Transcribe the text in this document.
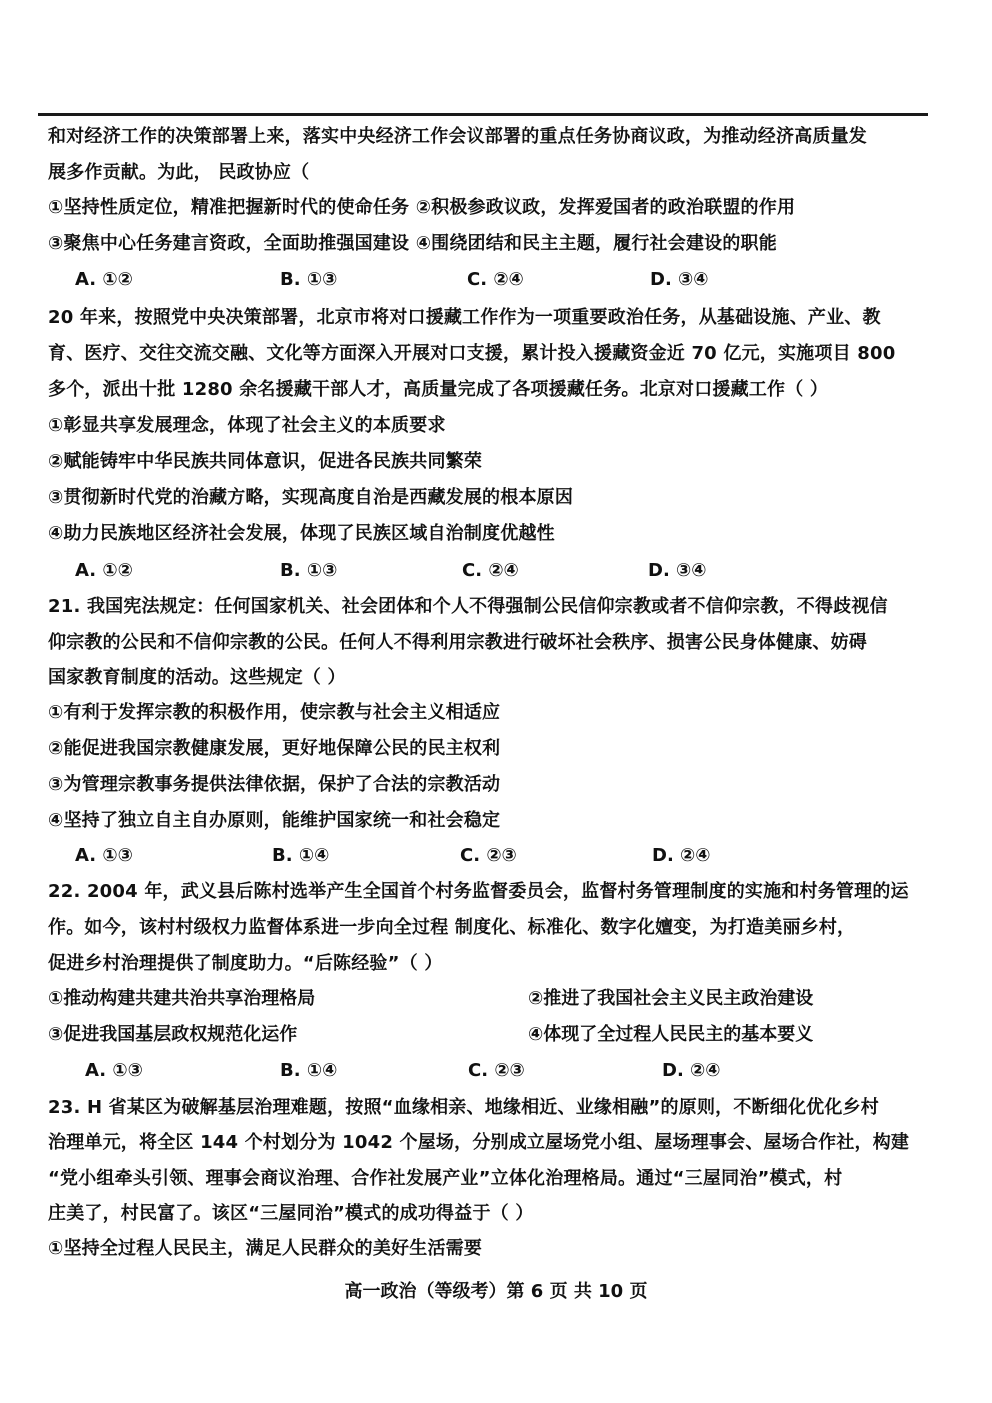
和对经济工作的决策部署上来，落实中央经济工作会议部署的重点任务协商议政，为推动经济高质量发
展多作贡献。为此， 民政协应（
①坚持性质定位，精准把握新时代的使命任务 ②积极参政议政，发挥爱国者的政治联盟的作用
③聚焦中心任务建言资政，全面助推强国建设 ④围绕团结和民主主题，履行社会建设的职能
A. ①②	B. ①③	C. ②④	D. ③④
20 年来，按照党中央决策部署，北京市将对口援藏工作作为一项重要政治任务，从基础设施、产业、教
育、医疗、交往交流交融、文化等方面深入开展对口支援，累计投入援藏资金近 70 亿元，实施项目 800
多个，派出十批 1280 余名援藏干部人才，高质量完成了各项援藏任务。北京对口援藏工作（ ）
①彰显共享发展理念，体现了社会主义的本质要求
②赋能铸牢中华民族共同体意识，促进各民族共同繁荣
③贯彻新时代党的治藏方略，实现高度自治是西藏发展的根本原因
④助力民族地区经济社会发展，体现了民族区域自治制度优越性
A. ①②	B. ①③	C. ②④	D. ③④
21. 我国宪法规定：任何国家机关、社会团体和个人不得强制公民信仰宗教或者不信仰宗教，不得歧视信
仰宗教的公民和不信仰宗教的公民。任何人不得利用宗教进行破坏社会秩序、损害公民身体健康、妨碍
国家教育制度的活动。这些规定（ ）
①有利于发挥宗教的积极作用，使宗教与社会主义相适应
②能促进我国宗教健康发展，更好地保障公民的民主权利
③为管理宗教事务提供法律依据，保护了合法的宗教活动
④坚持了独立自主自办原则，能维护国家统一和社会稳定
A. ①③	B. ①④	C. ②③	D. ②④
22. 2004 年，武义县后陈村选举产生全国首个村务监督委员会，监督村务管理制度的实施和村务管理的运
作。如今，该村村级权力监督体系进一步向全过程 制度化、标准化、数字化嬗变，为打造美丽乡村，
促进乡村治理提供了制度助力。“后陈经验”（ ）
①推动构建共建共治共享治理格局	②推进了我国社会主义民主政治建设
③促进我国基层政权规范化运作	④体现了全过程人民民主的基本要义
A. ①③	B. ①④	C. ②③	D. ②④
23. H 省某区为破解基层治理难题，按照“血缘相亲、地缘相近、业缘相融”的原则，不断细化优化乡村
治理单元，将全区 144 个村划分为 1042 个屋场，分别成立屋场党小组、屋场理事会、屋场合作社，构建
“党小组牵头引领、理事会商议治理、合作社发展产业”立体化治理格局。通过“三屋同治”模式，村
庄美了，村民富了。该区“三屋同治”模式的成功得益于（ ）
①坚持全过程人民民主，满足人民群众的美好生活需要
高一政治（等级考）第 6 页 共 10 页
